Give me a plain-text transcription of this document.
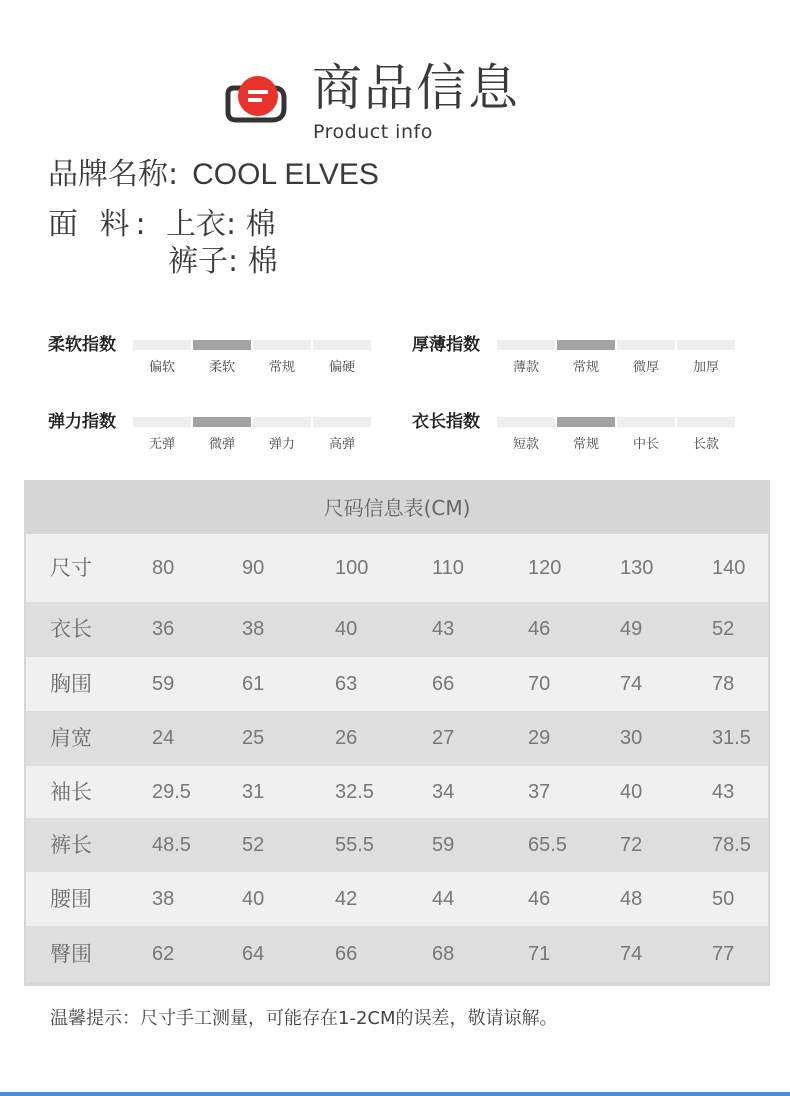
商品信息
Product info
品牌名称: COOL ELVES
面 料: 上衣: 棉
裤子: 棉
柔软指数
偏软	柔软	常规	偏硬
厚薄指数
薄款	常规	微厚	加厚
弹力指数
无弹	微弹	弹力	高弹
衣长指数
短款	常规	中长	长款
尺码信息表(CM)
尺寸	80	90	100	110	120	130	140
衣长	36	38	40	43	46	49	52
胸围	59	61	63	66	70	74	78
肩宽	24	25	26	27	29	30	31.5
袖长	29.5	31	32.5	34	37	40	43
裤长	48.5	52	55.5	59	65.5	72	78.5
腰围	38	40	42	44	46	48	50
臀围	62	64	66	68	71	74	77
温馨提示：尺寸手工测量，可能存在1-2CM的误差，敬请谅解。
